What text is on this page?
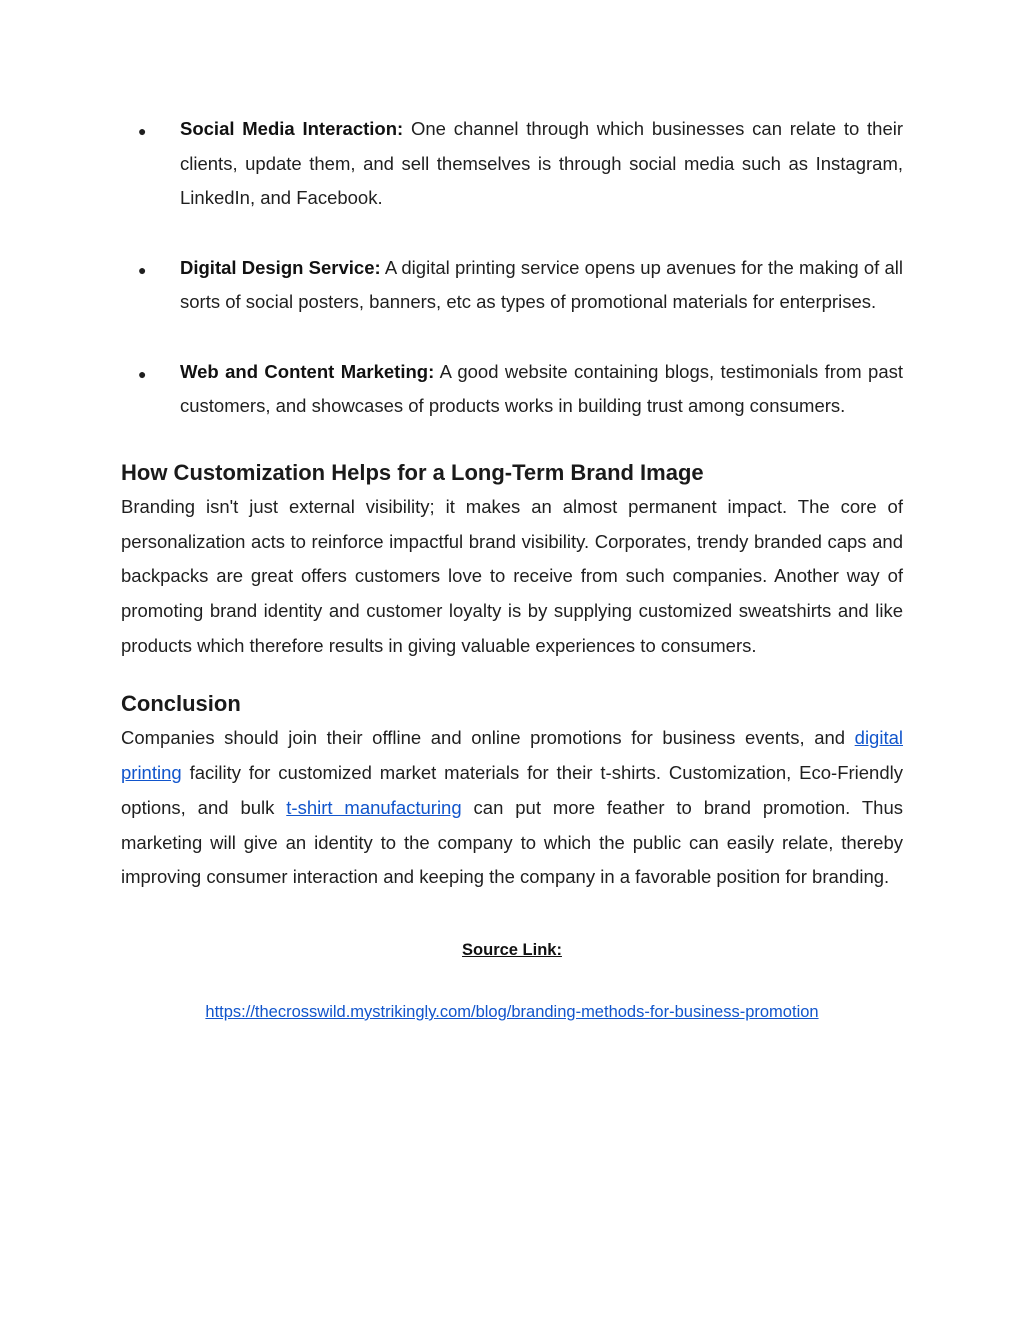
● Social Media Interaction: One channel through which businesses can relate to their clients, update them, and sell themselves is through social media such as Instagram, LinkedIn, and Facebook.
● Digital Design Service: A digital printing service opens up avenues for the making of all sorts of social posters, banners, etc as types of promotional materials for enterprises.
● Web and Content Marketing: A good website containing blogs, testimonials from past customers, and showcases of products works in building trust among consumers.
How Customization Helps for a Long-Term Brand Image

Branding isn't just external visibility; it makes an almost permanent impact. The core of personalization acts to reinforce impactful brand visibility. Corporates, trendy branded caps and backpacks are great offers customers love to receive from such companies. Another way of promoting brand identity and customer loyalty is by supplying customized sweatshirts and like products which therefore results in giving valuable experiences to consumers.

Conclusion

Companies should join their offline and online promotions for business events, and digital printing facility for customized market materials for their t-shirts. Customization, Eco-Friendly options, and bulk t-shirt manufacturing can put more feather to brand promotion. Thus marketing will give an identity to the company to which the public can easily relate, thereby improving consumer interaction and keeping the company in a favorable position for branding.

Source Link:
https://thecrosswild.mystrikingly.com/blog/branding-methods-for-business-promotion
